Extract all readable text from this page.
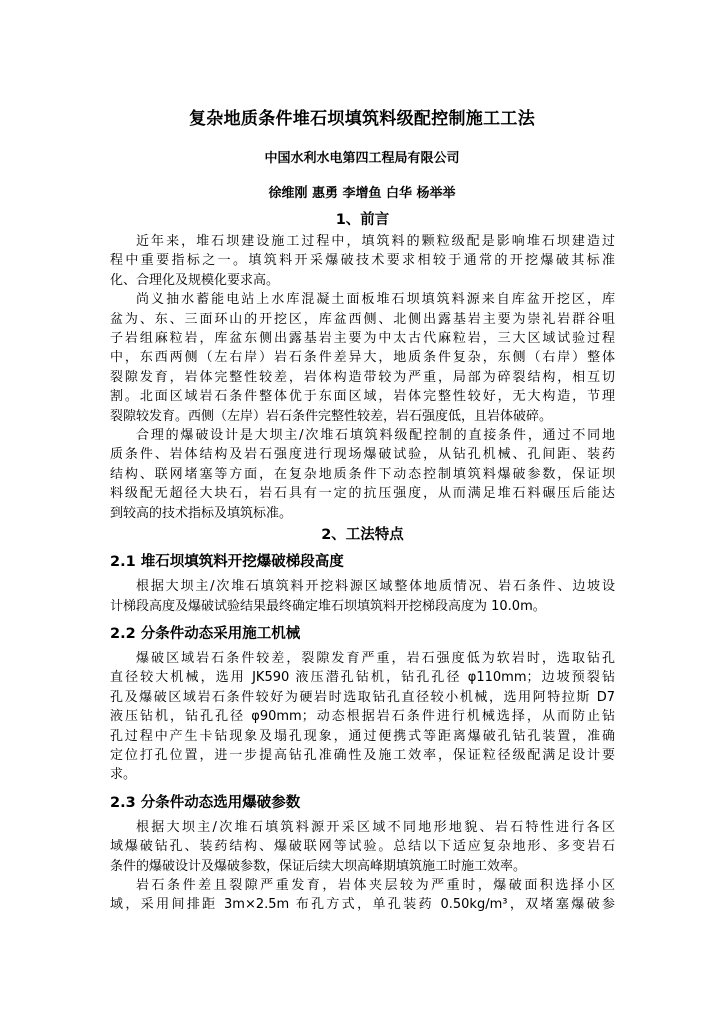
复杂地质条件堆石坝填筑料级配控制施工工法
中国水利水电第四工程局有限公司
徐维刚 惠勇 李增鱼 白华 杨举举
1、前言
近年来，堆石坝建设施工过程中，填筑料的颗粒级配是影响堆石坝建造过
程中重要指标之一。填筑料开采爆破技术要求相较于通常的开挖爆破其标准
化、合理化及规模化要求高。
尚义抽水蓄能电站上水库混凝土面板堆石坝填筑料源来自库盆开挖区，库
盆为、东、三面环山的开挖区，库盆西侧、北侧出露基岩主要为崇礼岩群谷咀
子岩组麻粒岩，库盆东侧出露基岩主要为中太古代麻粒岩，三大区域试验过程
中，东西两侧（左右岸）岩石条件差异大，地质条件复杂，东侧（右岸）整体
裂隙发育，岩体完整性较差，岩体构造带较为严重，局部为碎裂结构，相互切
割。北面区域岩石条件整体优于东面区域，岩体完整性较好，无大构造，节理
裂隙较发育。西侧（左岸）岩石条件完整性较差，岩石强度低，且岩体破碎。
合理的爆破设计是大坝主/次堆石填筑料级配控制的直接条件，通过不同地
质条件、岩体结构及岩石强度进行现场爆破试验，从钻孔机械、孔间距、装药
结构、联网堵塞等方面，在复杂地质条件下动态控制填筑料爆破参数，保证坝
料级配无超径大块石，岩石具有一定的抗压强度，从而满足堆石料碾压后能达
到较高的技术指标及填筑标准。
2、工法特点
2.1 堆石坝填筑料开挖爆破梯段高度
根据大坝主/次堆石填筑料开挖料源区域整体地质情况、岩石条件、边坡设
计梯段高度及爆破试验结果最终确定堆石坝填筑料开挖梯段高度为 10.0m。
2.2 分条件动态采用施工机械
爆破区域岩石条件较差，裂隙发育严重，岩石强度低为软岩时，选取钻孔
直径较大机械，选用 JK590 液压潜孔钻机，钻孔孔径 φ110mm；边坡预裂钻
孔及爆破区域岩石条件较好为硬岩时选取钻孔直径较小机械，选用阿特拉斯 D7
液压钻机，钻孔孔径 φ90mm；动态根据岩石条件进行机械选择，从而防止钻
孔过程中产生卡钻现象及塌孔现象，通过便携式等距离爆破孔钻孔装置，准确
定位打孔位置，进一步提高钻孔准确性及施工效率，保证粒径级配满足设计要
求。
2.3 分条件动态选用爆破参数
根据大坝主/次堆石填筑料源开采区域不同地形地貌、岩石特性进行各区
域爆破钻孔、装药结构、爆破联网等试验。总结以下适应复杂地形、多变岩石
条件的爆破设计及爆破参数，保证后续大坝高峰期填筑施工时施工效率。
岩石条件差且裂隙严重发育，岩体夹层较为严重时，爆破面积选择小区
域，采用间排距 3m×2.5m 布孔方式，单孔装药 0.50kg/m³，双堵塞爆破参
